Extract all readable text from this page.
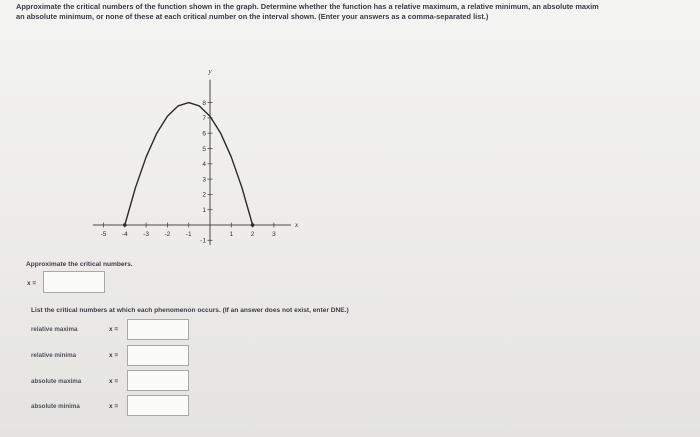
Approximate the critical numbers of the function shown in the graph. Determine whether the function has a relative maximum, a relative minimum, an absolute maxim
an absolute minimum, or none of these at each critical number on the interval shown. (Enter your answers as a comma-separated list.)
y
x
-5 -4 -3 -2 -1	1	2	3
8
7
6
5
4
3
2
1
-1
Approximate the critical numbers.
x =
List the critical numbers at which each phenomenon occurs. (If an answer does not exist, enter DNE.)
relative maxima	x =
relative minima	x =
absolute maxima	x =
absolute minima	x =
